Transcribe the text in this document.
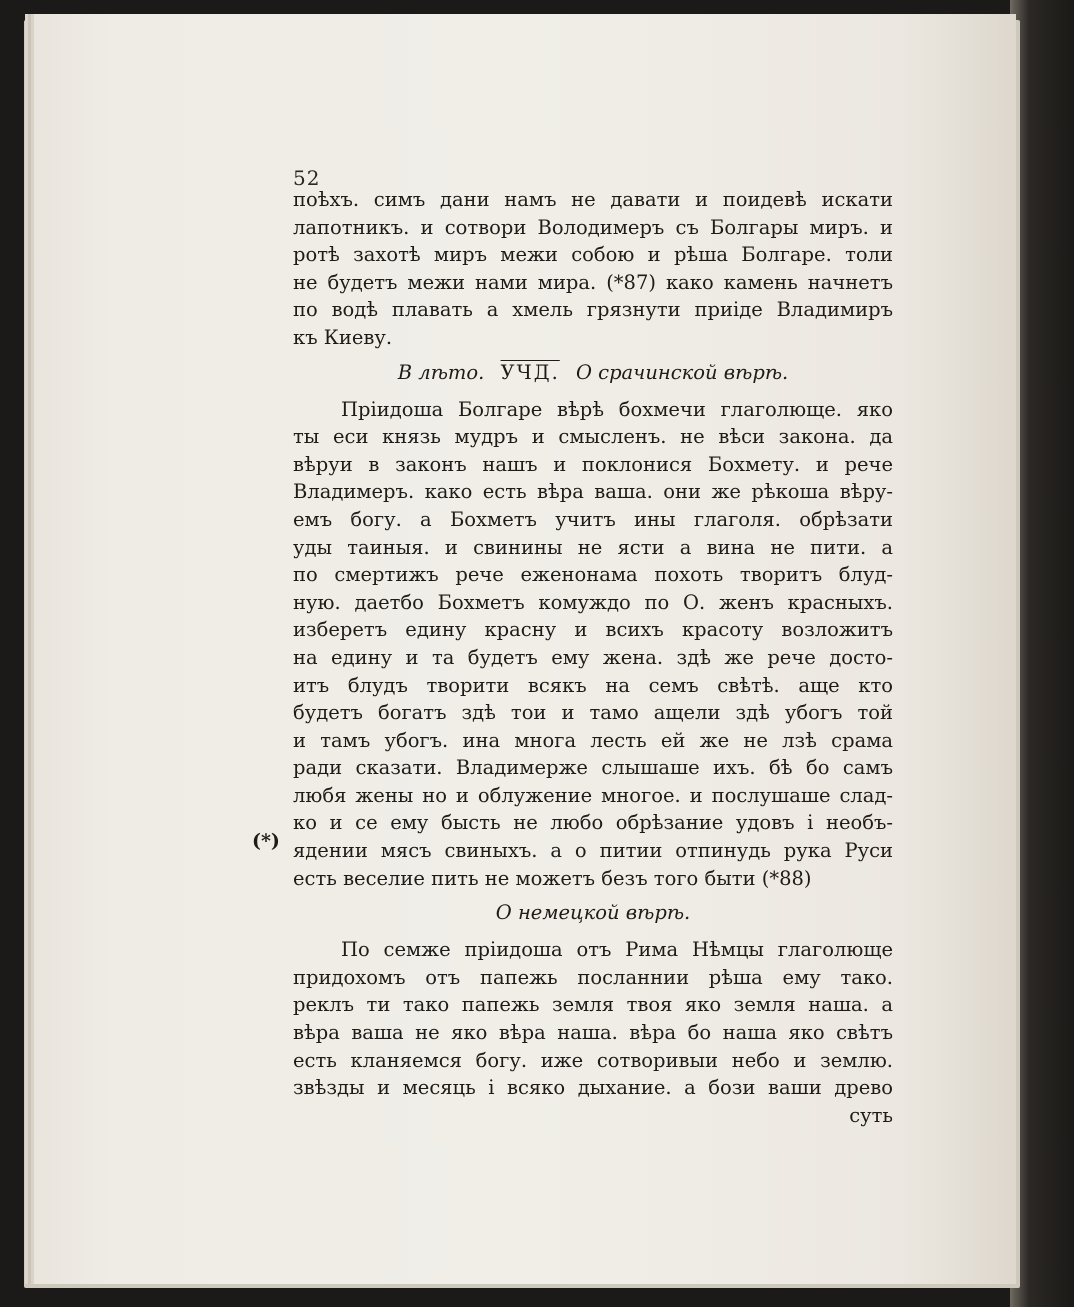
52
(*)
поѣхъ. симъ дани намъ не давати и поидевѣ искати
лапотникъ. и сотвори Володимеръ съ Болгары миръ. и
ротѣ захотѣ миръ межи собою и рѣша Болгаре. толи
не будетъ межи нами мира. (*87) како камень начнетъ
по водѣ плавать а хмель грязнути приіде Владимиръ
къ Киеву.
В лѣто. УЧД. О срачинской вѣрѣ.
Пріидоша Болгаре вѣрѣ бохмечи глаголюще. яко
ты еси князь мудръ и смысленъ. не вѣси закона. да
вѣруи в законъ нашъ и поклонися Бохмету. и рече
Владимеръ. како есть вѣра ваша. они же рѣкоша вѣру-
емъ богу. а Бохметъ учитъ ины глаголя. обрѣзати
уды таиныя. и свинины не ясти а вина не пити. а
по смертижъ рече еженонама похоть творитъ блуд-
ную. даетбо Бохметъ комуждо по О. женъ красныхъ.
изберетъ едину красну и всихъ красоту возложитъ
на едину и та будетъ ему жена. здѣ же рече досто-
итъ блудъ творити всякъ на семъ свѣтѣ. аще кто
будетъ богатъ здѣ тои и тамо ащели здѣ убогъ той
и тамъ убогъ. ина многа лесть ей же не лзѣ срама
ради сказати. Владимерже слышаше ихъ. бѣ бо самъ
любя жены но и облужение многое. и послушаше слад-
ко и се ему бысть не любо обрѣзание удовъ і необъ-
ядении мясъ свиныхъ. а о питии отпинудь рука Руси
есть веселие пить не можетъ безъ того быти (*88)
О немецкой вѣрѣ.
По семже пріидоша отъ Рима Нѣмцы глаголюще
придохомъ отъ папежь посланнии рѣша ему тако.
реклъ ти тако папежь земля твоя яко земля наша. а
вѣра ваша не яко вѣра наша. вѣра бо наша яко свѣтъ
есть кланяемся богу. иже сотворивыи небо и землю.
звѣзды и месяць і всяко дыхание. а бози ваши древо
суть
